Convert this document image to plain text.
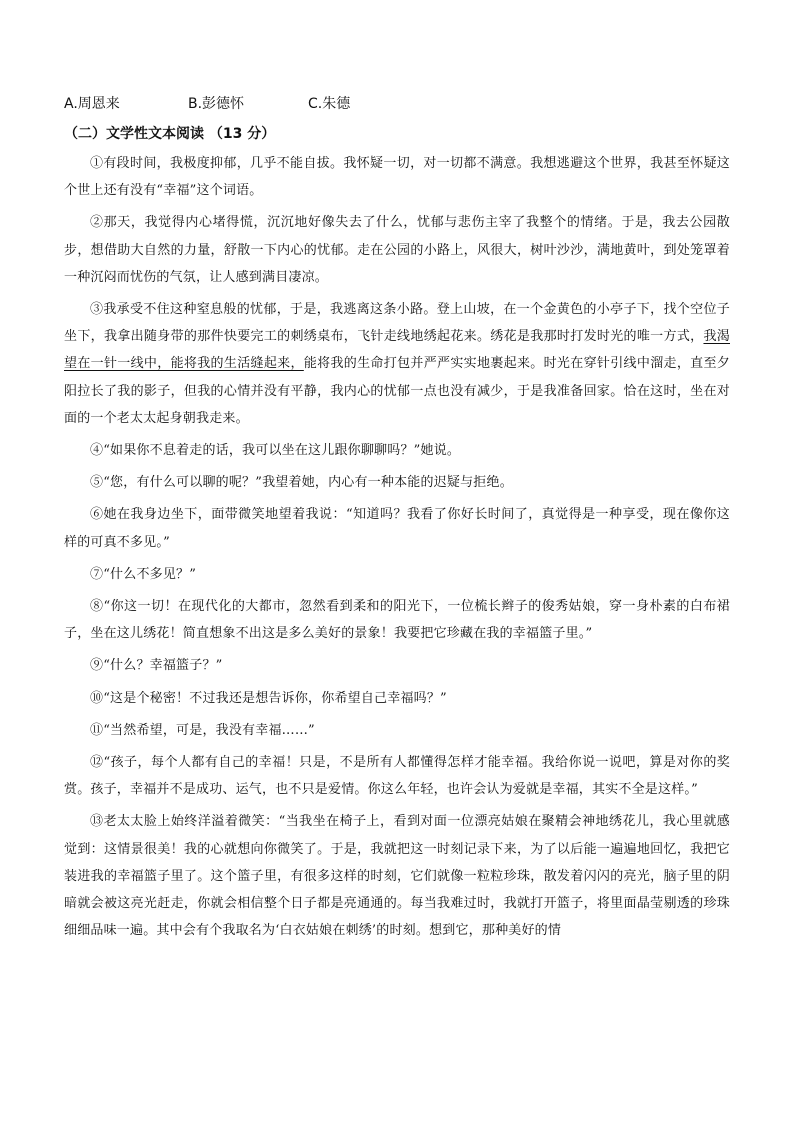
A.周恩来	B.彭德怀	C.朱德
（二）文学性文本阅读 （13 分）

①有段时间，我极度抑郁，几乎不能自拔。我怀疑一切，对一切都不满意。我想逃避这个世界，我甚至怀疑这个世上还有没有“幸福”这个词语。

②那天，我觉得内心堵得慌，沉沉地好像失去了什么，忧郁与悲伤主宰了我整个的情绪。于是，我去公园散步，想借助大自然的力量，舒散一下内心的忧郁。走在公园的小路上，风很大，树叶沙沙，满地黄叶，到处笼罩着一种沉闷而忧伤的气氛，让人感到满目凄凉。

③我承受不住这种窒息般的忧郁，于是，我逃离这条小路。登上山坡，在一个金黄色的小亭子下，找个空位子坐下，我拿出随身带的那件快要完工的刺绣桌布，飞针走线地绣起花来。绣花是我那时打发时光的唯一方式，我渴望在一针一线中，能将我的生活缝起来，能将我的生命打包并严严实实地裹起来。时光在穿针引线中溜走，直至夕阳拉长了我的影子，但我的心情并没有平静，我内心的忧郁一点也没有减少，于是我准备回家。恰在这时，坐在对面的一个老太太起身朝我走来。

④“如果你不息着走的话，我可以坐在这儿跟你聊聊吗？”她说。

⑤“您，有什么可以聊的呢？”我望着她，内心有一种本能的迟疑与拒绝。

⑥她在我身边坐下，面带微笑地望着我说：“知道吗？我看了你好长时间了，真觉得是一种享受，现在像你这样的可真不多见。”

⑦“什么不多见？”

⑧“你这一切！在现代化的大都市，忽然看到柔和的阳光下，一位梳长辫子的俊秀姑娘，穿一身朴素的白布裙子，坐在这儿绣花！简直想象不出这是多么美好的景象！我要把它珍藏在我的幸福篮子里。”

⑨“什么？幸福篮子？”

⑩“这是个秘密！不过我还是想告诉你，你希望自己幸福吗？”

⑪“当然希望，可是，我没有幸福……”

⑫“孩子，每个人都有自己的幸福！只是，不是所有人都懂得怎样才能幸福。我给你说一说吧，算是对你的奖赏。孩子，幸福并不是成功、运气，也不只是爱情。你这么年轻，也许会认为爱就是幸福，其实不全是这样。”

⑬老太太脸上始终洋溢着微笑：“当我坐在椅子上，看到对面一位漂亮姑娘在聚精会神地绣花儿，我心里就感觉到：这情景很美！我的心就想向你微笑了。于是，我就把这一时刻记录下来，为了以后能一遍遍地回忆，我把它装进我的幸福篮子里了。这个篮子里，有很多这样的时刻，它们就像一粒粒珍珠，散发着闪闪的亮光，脑子里的阴暗就会被这亮光赶走，你就会相信整个日子都是亮通通的。每当我难过时，我就打开篮子，将里面晶莹剔透的珍珠细细品味一遍。其中会有个我取名为‘白衣姑娘在刺绣’的时刻。想到它，那种美好的情
